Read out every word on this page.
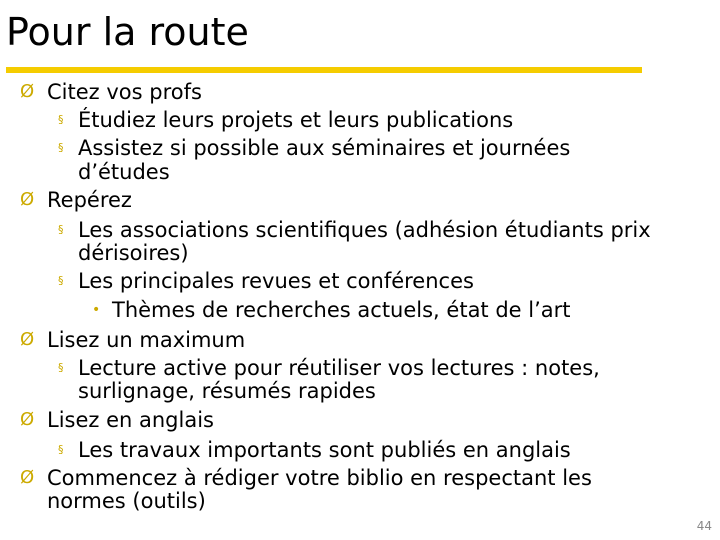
Pour la route
Ø Citez vos profs
§ Étudiez leurs projets et leurs publications
§ Assistez si possible aux séminaires et journées
d’études
Ø Repérez
§ Les associations scientifiques (adhésion étudiants prix
dérisoires)
§ Les principales revues et conférences
• Thèmes de recherches actuels, état de l’art
Ø Lisez un maximum
§ Lecture active pour réutiliser vos lectures : notes,
surlignage, résumés rapides
Ø Lisez en anglais
§ Les travaux importants sont publiés en anglais
Ø Commencez à rédiger votre biblio en respectant les
normes (outils)
44
